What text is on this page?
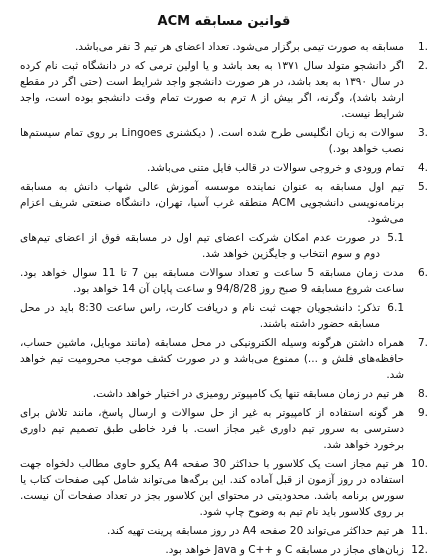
قوانین مسابقه ACM
1.
مسابقه به صورت تیمی برگزار می‌شود. تعداد اعضای هر تیم 3 نفر می‌باشد.
2.
اگر دانشجو متولد سال ۱۳۷۱ به بعد باشد و یا اولین ترمی که در دانشگاه ثبت نام کرده در سال ۱۳۹۰ به بعد باشد، در هر صورت دانشجو واجد شرایط است (حتی اگر در مقطع ارشد باشد)، وگرنه، اگر بیش از ۸ ترم به صورت تمام وقت دانشجو بوده است، واجد شرایط نیست.
3.
سوالات به زبان انگلیسی طرح شده است. ( دیکشنری Lingoes بر روی تمام سیستم‌ها نصب خواهد بود.)
4.
تمام ورودی و خروجی سوالات در قالب فایل متنی می‌باشد.
5.
تیم اول مسابقه به عنوان نماینده موسسه آموزش عالی شهاب دانش به مسابقه برنامه‌نویسی دانشجویی ACM منطقه غرب آسیا، تهران، دانشگاه صنعتی شریف اعزام می‌شود.
5.1
در صورت عدم امکان شرکت اعضای تیم اول در مسابقه فوق از اعضای تیم‌های دوم و سوم انتخاب و جایگزین خواهد شد.
6.
مدت زمان مسابقه 5 ساعت و تعداد سوالات مسابقه بین 7 تا 11 سوال خواهد بود. ساعت شروع مسابقه 9 صبح روز 94/8/28 و ساعت پایان آن 14 خواهد بود.
6.1
تذکر: دانشجویان جهت ثبت نام و دریافت کارت، راس ساعت 8:30 باید در محل مسابقه حضور داشته باشند.
7.
همراه داشتن هرگونه وسیله الکترونیکی در محل مسابقه (مانند موبایل، ماشین حساب، حافظه‌های فلش و ...) ممنوع می‌باشد و در صورت کشف موجب محرومیت تیم خواهد شد.
8.
هر تیم در زمان مسابقه تنها یک کامپیوتر رومیزی در اختیار خواهد داشت.
9.
هر گونه استفاده از کامپیوتر به غیر از حل سوالات و ارسال پاسخ، مانند تلاش برای دسترسی به سرور تیم داوری غیر مجاز است. با فرد خاطی طبق تصمیم تیم داوری برخورد خواهد شد.
10.
هر تیم مجاز است یک کلاسور با حداکثر 30 صفحه A4 یکرو حاوی مطالب دلخواه جهت استفاده در روز آزمون از قبل آماده کند. این برگه‌ها می‌تواند شامل کپی صفحات کتاب یا سورس برنامه باشد. محدودیتی در محتوای این کلاسور بجز در تعداد صفحات آن نیست. بر روی کلاسور باید نام تیم به وضوح چاپ شود.
11.
هر تیم حداکثر می‌تواند 20 صفحه A4 در روز مسابقه پرینت تهیه کند.
12.
زبان‌های مجاز در مسابقه C و ++C و Java خواهد بود.
